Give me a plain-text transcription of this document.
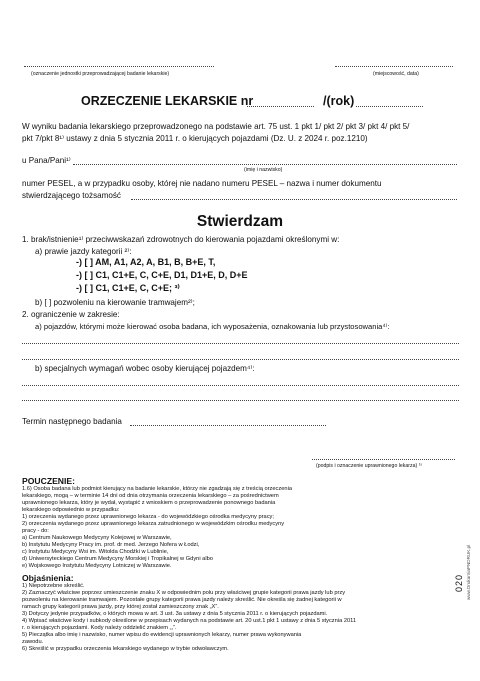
(oznaczenie jednostki przeprowadzającej badanie lekarskie)	(miejscowość, data)
ORZECZENIE LEKARSKIE nr	/(rok)
W wyniku badania lekarskiego przeprowadzonego na podstawie art. 75 ust. 1 pkt 1/ pkt 2/ pkt 3/ pkt 4/ pkt 5/
pkt 7/pkt 8¹⁾ ustawy z dnia 5 stycznia 2011 r. o kierujących pojazdami (Dz. U. z 2024 r. poz.1210)
u Pana/Pani¹⁾
(imię i nazwisko)
numer PESEL, a w przypadku osoby, której nie nadano numeru PESEL – nazwa i numer dokumentu
stwierdzającego tożsamość
Stwierdzam
1. brak/istnienie¹⁾ przeciwwskazań zdrowotnych do kierowania pojazdami określonymi w:
a) prawie jazdy kategorii ²⁾:
-) [ ] AM, A1, A2, A, B1, B, B+E, T,
-) [ ] C1, C1+E, C, C+E, D1, D1+E, D, D+E
-) [ ] C1, C1+E, C, C+E; ³⁾
b) [ ] pozwoleniu na kierowanie tramwajem²⁾;
2. ograniczenie w zakresie:
a) pojazdów, którymi może kierować osoba badana, ich wyposażenia, oznakowania lub przystosowania⁴⁾:
b) specjalnych wymagań wobec osoby kierującej pojazdem⁴⁾:
Termin następnego badania
(podpis i oznaczenie uprawnionego lekarza) ⁵⁾
POUCZENIE:
1.6) Osoba badana lub podmiot kierujący na badanie lekarskie, którzy nie zgadzają się z treścią orzeczenia
lekarskiego, mogą – w terminie 14 dni od dnia otrzymania orzeczenia lekarskiego – za pośrednictwem
uprawnionego lekarza, który je wydał, wystąpić z wnioskiem o przeprowadzenie ponownego badania
lekarskiego odpowiednio w przypadku:
1) orzeczenia wydanego przez uprawnionego lekarza - do wojewódzkiego ośrodka medycyny pracy;
2) orzeczenia wydanego przez uprawnionego lekarza zatrudnionego w wojewódzkim ośrodku medycyny
pracy - do:
a) Centrum Naukowego Medycyny Kolejowej w Warszawie,
b) Instytutu Medycyny Pracy im. prof. dr med. Jerzego Nofera w Łodzi,
c) Instytutu Medycyny Wsi im. Witolda Chodźki w Lublinie,
d) Uniwersyteckiego Centrum Medycyny Morskiej i Tropikalnej w Gdyni albo
e) Wojskowego Instytutu Medycyny Lotniczej w Warszawie.
Objaśnienia:
1) Niepotrzebne skreślić.
2) Zaznaczyć właściwe poprzez umieszczenie znaku X w odpowiednim polu przy właściwej grupie kategorii prawa jazdy lub przy
pozwoleniu na kierowanie tramwajem. Pozostałe grupy kategorii prawa jazdy należy skreślić. Nie określa się żadnej kategorii w
ramach grupy kategorii prawa jazdy, przy której został zamieszczony znak „X”.
3) Dotyczy jedynie przypadków, o których mowa w art. 3 ust. 3a ustawy z dnia 5 stycznia 2011 r. o kierujących pojazdami.
4) Wpisać właściwe kody i subkody określone w przepisach wydanych na podstawie art. 20 ust.1 pkt 1 ustawy z dnia 5 stycznia 2011
r. o kierujących pojazdami. Kody należy oddzielić znakiem „,”.
5) Pieczątka albo imię i nazwisko, numer wpisu do ewidencji uprawnionych lekarzy, numer prawa wykonywania
zawodu.
6) Skreślić w przypadku orzeczenia lekarskiego wydanego w trybie odwoławczym.
www.DrukarniaPNDRUK.pl
020
